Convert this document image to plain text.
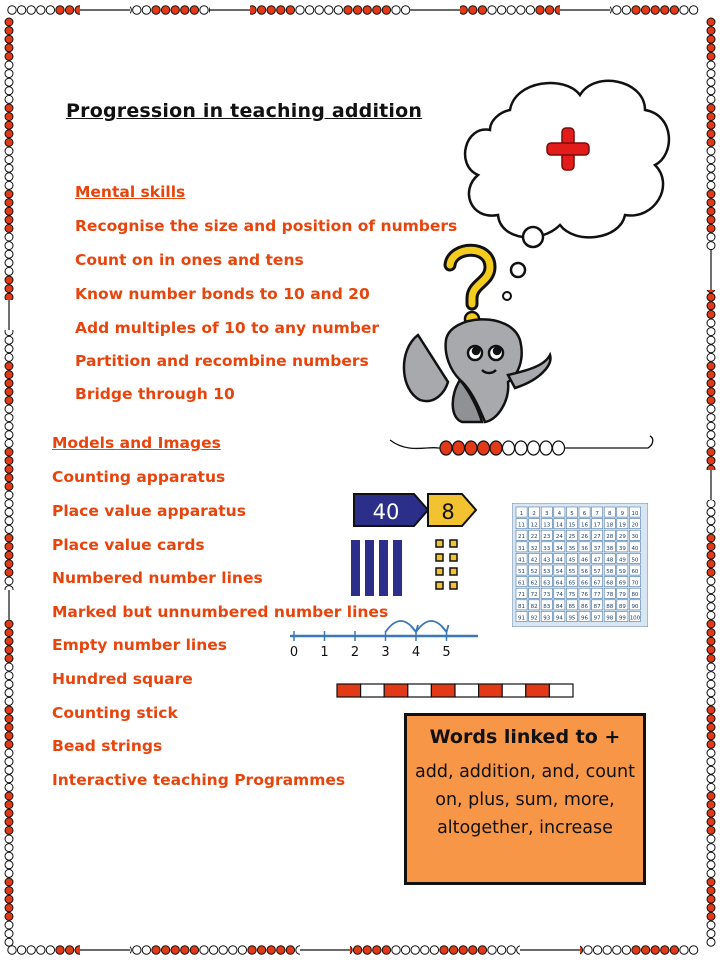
Progression in teaching addition
Mental skills
Recognise the size and position of numbers
Count on in ones and tens
Know number bonds to 10 and 20
Add multiples of 10 to any number
Partition and recombine numbers
Bridge through 10
Models and Images
Counting apparatus
Place value apparatus
Place value cards
Numbered number lines
Marked but unnumbered number lines
Empty number lines
Hundred square
Counting stick
Bead strings
Interactive teaching Programmes
40 8	1 2 3 4 5 6 7 8 9 10
11 12 13 14 15 16 17 18 19 20
21 22 23 24 25 26 27 28 29 30
31 32 33 34 35 36 37 38 39 40
41 42 43 44 45 46 47 48 49 50
51 52 53 54 55 56 57 58 59 60
61 62 63 64 65 66 67 68 69 70
71 72 73 74 75 76 77 78 79 80
81 82 83 84 85 86 87 88 89 90
91 92 93 94 95 96 97 98 99 100
0 1 2 3 4 5
Words linked to +
add, addition, and, count on, plus, sum, more, altogether, increase
